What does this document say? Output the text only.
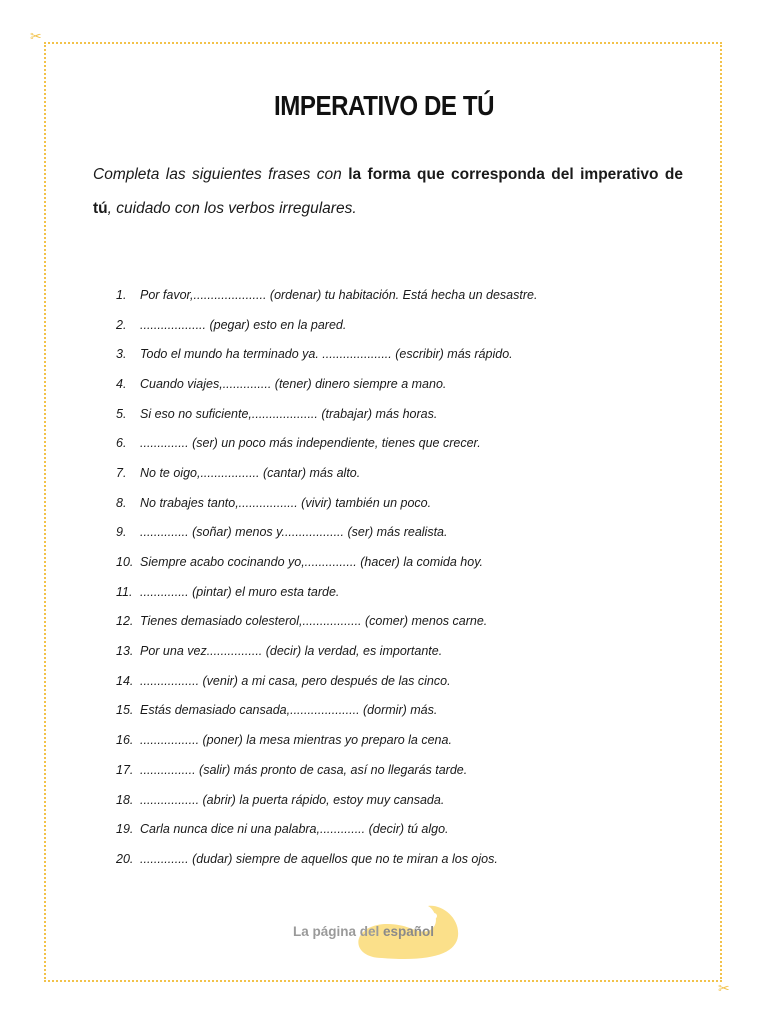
✂
✂
IMPERATIVO DE TÚ

Completa las siguientes frases con la forma que corresponda del imperativo de tú, cuidado con los verbos irregulares.

1.	Por favor,..................... (ordenar) tu habitación. Está hecha un desastre.
2.	................... (pegar) esto en la pared.
3.	Todo el mundo ha terminado ya. .................... (escribir) más rápido.
4.	Cuando viajes,.............. (tener) dinero siempre a mano.
5.	Si eso no suficiente,................... (trabajar) más horas.
6.	.............. (ser) un poco más independiente, tienes que crecer.
7.	No te oigo,................. (cantar) más alto.
8.	No trabajes tanto,................. (vivir) también un poco.
9.	.............. (soñar) menos y.................. (ser) más realista.
10. Siempre acabo cocinando yo,............... (hacer) la comida hoy.
11. .............. (pintar) el muro esta tarde.
12. Tienes demasiado colesterol,................. (comer) menos carne.
13. Por una vez................ (decir) la verdad, es importante.
14. ................. (venir) a mi casa, pero después de las cinco.
15. Estás demasiado cansada,.................... (dormir) más.
16. ................. (poner) la mesa mientras yo preparo la cena.
17. ................ (salir) más pronto de casa, así no llegarás tarde.
18. ................. (abrir) la puerta rápido, estoy muy cansada.
19. Carla nunca dice ni una palabra,............. (decir) tú algo.
20. .............. (dudar) siempre de aquellos que no te miran a los ojos.
La página del español
